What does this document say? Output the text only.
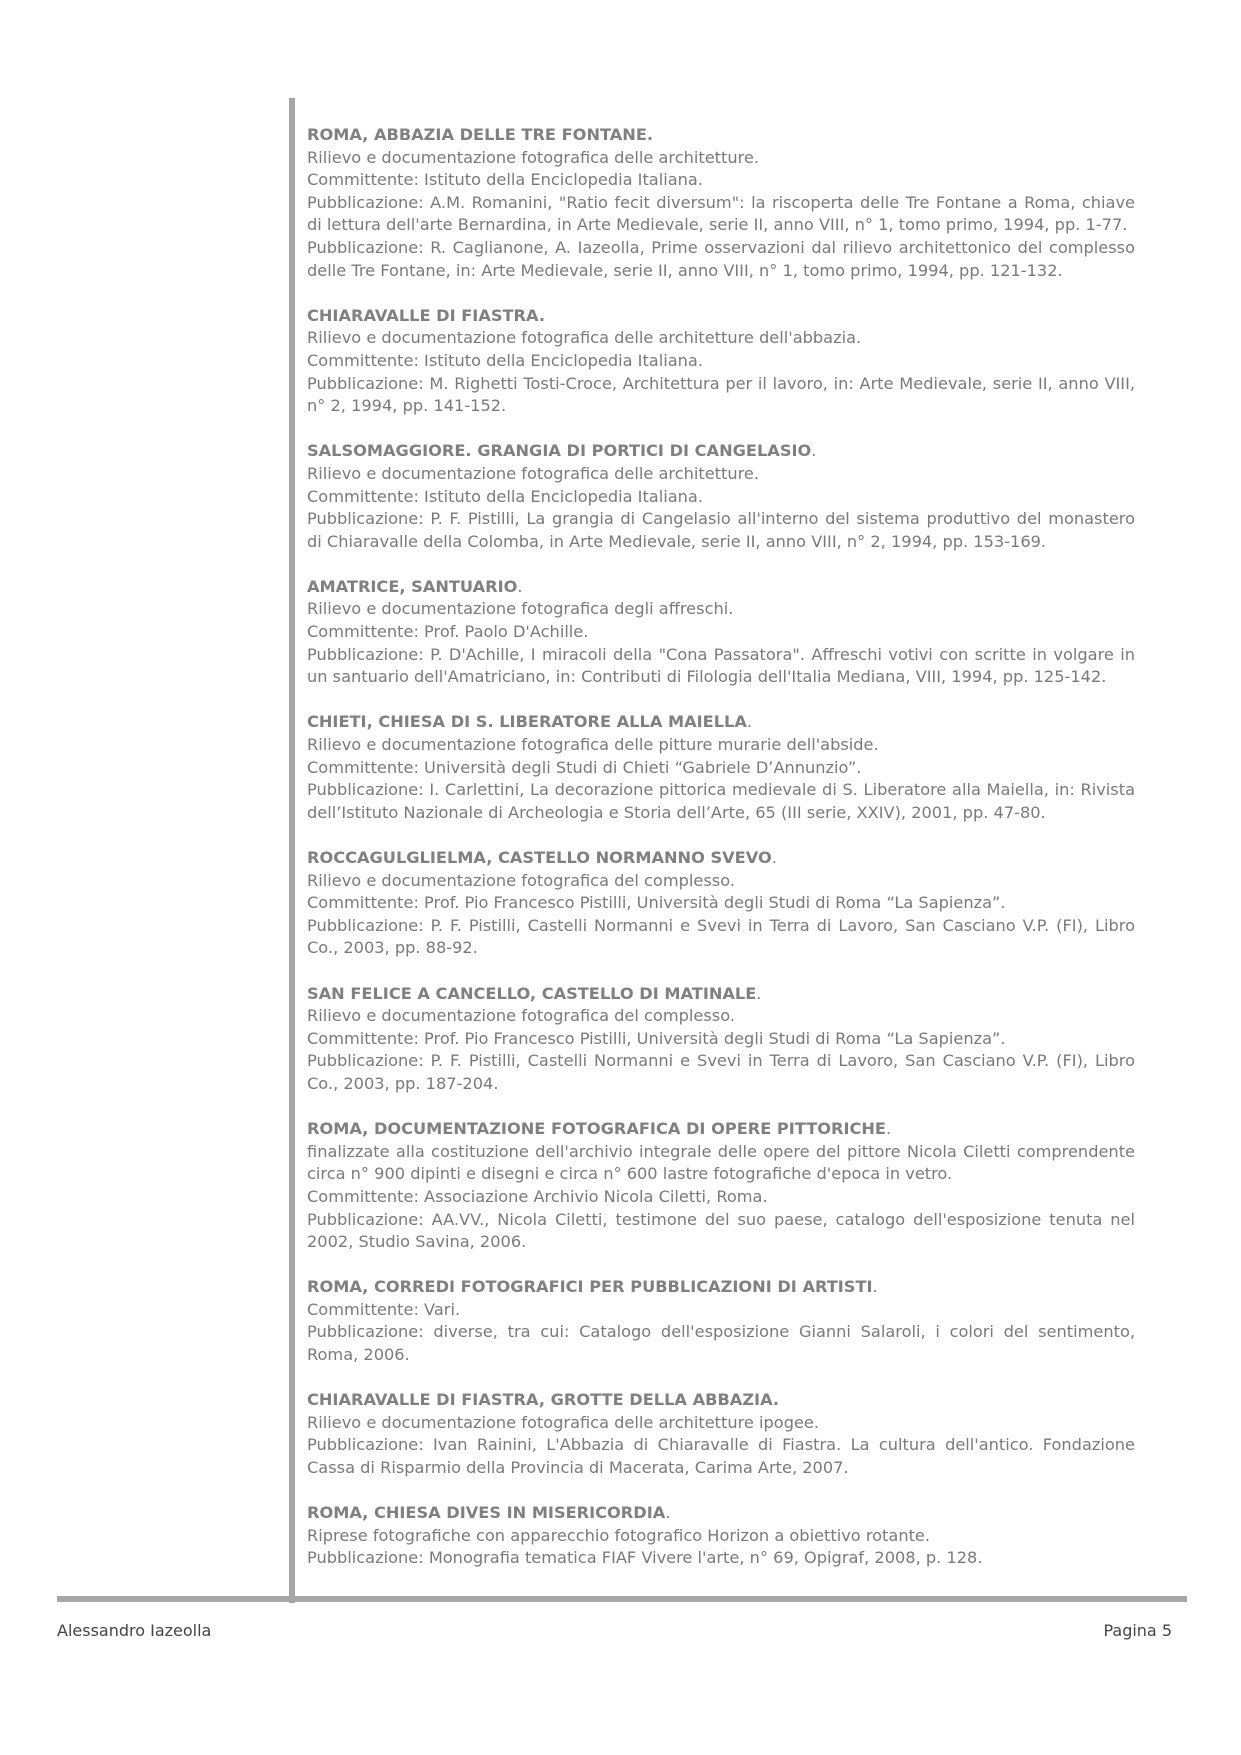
ROMA, ABBAZIA DELLE TRE FONTANE.
Rilievo e documentazione fotografica delle architetture.
Committente: Istituto della Enciclopedia Italiana.
Pubblicazione: A.M. Romanini, "Ratio fecit diversum": la riscoperta delle Tre Fontane a Roma, chiave di lettura dell'arte Bernardina, in Arte Medievale, serie II, anno VIII, n° 1, tomo primo, 1994, pp. 1-77.
Pubblicazione: R. Caglianone, A. Iazeolla, Prime osservazioni dal rilievo architettonico del complesso delle Tre Fontane, in: Arte Medievale, serie II, anno VIII, n° 1, tomo primo, 1994, pp. 121-132.
CHIARAVALLE DI FIASTRA.
Rilievo e documentazione fotografica delle architetture dell'abbazia.
Committente: Istituto della Enciclopedia Italiana.
Pubblicazione: M. Righetti Tosti-Croce, Architettura per il lavoro, in: Arte Medievale, serie II, anno VIII, n° 2, 1994, pp. 141-152.
SALSOMAGGIORE. GRANGIA DI PORTICI DI CANGELASIO.
Rilievo e documentazione fotografica delle architetture.
Committente: Istituto della Enciclopedia Italiana.
Pubblicazione: P. F. Pistilli, La grangia di Cangelasio all'interno del sistema produttivo del monastero di Chiaravalle della Colomba, in Arte Medievale, serie II, anno VIII, n° 2, 1994, pp. 153-169.
AMATRICE, SANTUARIO.
Rilievo e documentazione fotografica degli affreschi.
Committente: Prof. Paolo D'Achille.
Pubblicazione: P. D'Achille, I miracoli della "Cona Passatora". Affreschi votivi con scritte in volgare in un santuario dell'Amatriciano, in: Contributi di Filologia dell'Italia Mediana, VIII, 1994, pp. 125-142.
CHIETI, CHIESA DI S. LIBERATORE ALLA MAIELLA.
Rilievo e documentazione fotografica delle pitture murarie dell'abside.
Committente: Università degli Studi di Chieti “Gabriele D’Annunzio”.
Pubblicazione: I. Carlettini, La decorazione pittorica medievale di S. Liberatore alla Maiella, in: Rivista dell’Istituto Nazionale di Archeologia e Storia dell’Arte, 65 (III serie, XXIV), 2001, pp. 47-80.
ROCCAGULGLIELMA, CASTELLO NORMANNO SVEVO.
Rilievo e documentazione fotografica del complesso.
Committente: Prof. Pio Francesco Pistilli, Università degli Studi di Roma “La Sapienza”.
Pubblicazione: P. F. Pistilli, Castelli Normanni e Svevi in Terra di Lavoro, San Casciano V.P. (FI), Libro Co., 2003, pp. 88-92.
SAN FELICE A CANCELLO, CASTELLO DI MATINALE.
Rilievo e documentazione fotografica del complesso.
Committente: Prof. Pio Francesco Pistilli, Università degli Studi di Roma “La Sapienza”.
Pubblicazione: P. F. Pistilli, Castelli Normanni e Svevi in Terra di Lavoro, San Casciano V.P. (FI), Libro Co., 2003, pp. 187-204.
ROMA, DOCUMENTAZIONE FOTOGRAFICA DI OPERE PITTORICHE.
finalizzate alla costituzione dell'archivio integrale delle opere del pittore Nicola Ciletti comprendente circa n° 900 dipinti e disegni e circa n° 600 lastre fotografiche d'epoca in vetro.
Committente: Associazione Archivio Nicola Ciletti, Roma.
Pubblicazione: AA.VV., Nicola Ciletti, testimone del suo paese, catalogo dell'esposizione tenuta nel 2002, Studio Savina, 2006.
ROMA, CORREDI FOTOGRAFICI PER PUBBLICAZIONI DI ARTISTI.
Committente: Vari.
Pubblicazione: diverse, tra cui: Catalogo dell'esposizione Gianni Salaroli, i colori del sentimento, Roma, 2006.
CHIARAVALLE DI FIASTRA, GROTTE DELLA ABBAZIA.
Rilievo e documentazione fotografica delle architetture ipogee.
Pubblicazione: Ivan Rainini, L'Abbazia di Chiaravalle di Fiastra. La cultura dell'antico. Fondazione Cassa di Risparmio della Provincia di Macerata, Carima Arte, 2007.
ROMA, CHIESA DIVES IN MISERICORDIA.
Riprese fotografiche con apparecchio fotografico Horizon a obiettivo rotante.
Pubblicazione: Monografia tematica FIAF Vivere l'arte, n° 69, Opigraf, 2008, p. 128.
Alessandro Iazeolla	Pagina 5
